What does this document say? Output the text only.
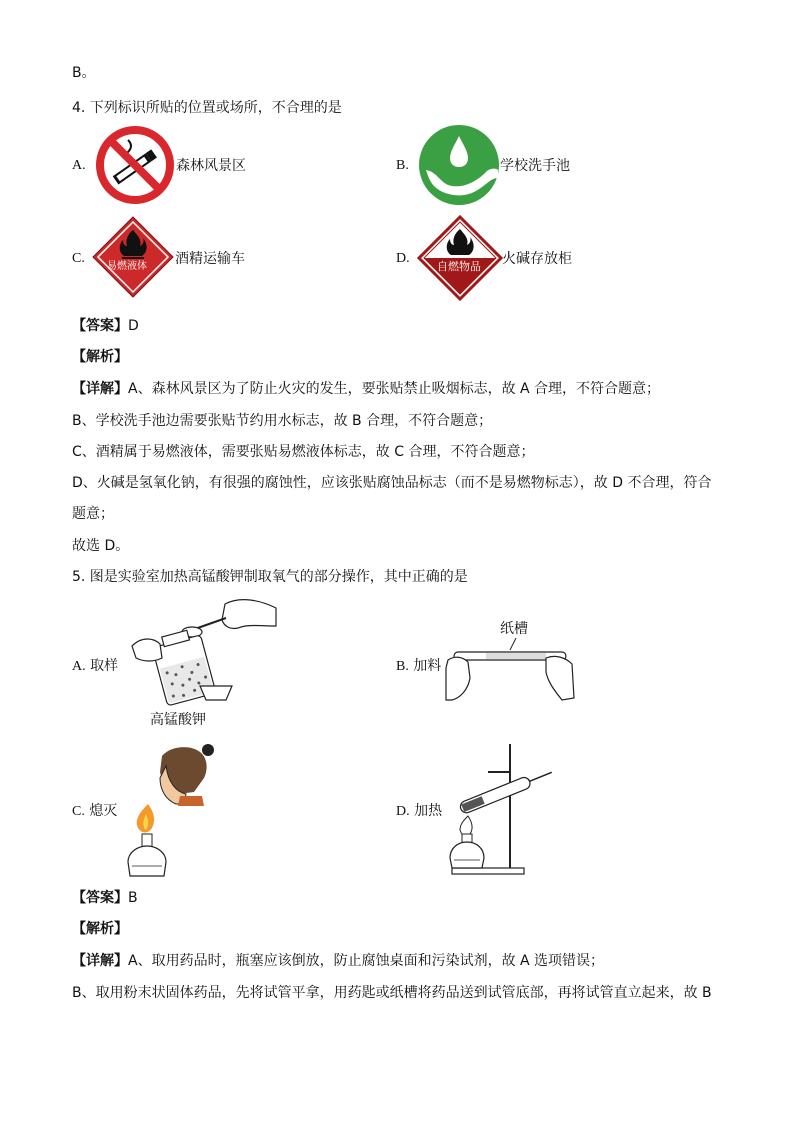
B。
4. 下列标识所贴的位置或场所，不合理的是
A.	森林风景区	B.	学校洗手池
C.
易燃液体 酒精运输车	D.
自燃物品 火碱存放柜
【答案】D
【解析】
【详解】A、森林风景区为了防止火灾的发生，要张贴禁止吸烟标志，故 A 合理，不符合题意；
B、学校洗手池边需要张贴节约用水标志，故 B 合理，不符合题意；
C、酒精属于易燃液体，需要张贴易燃液体标志，故 C 合理，不符合题意；
D、火碱是氢氧化钠，有很强的腐蚀性，应该张贴腐蚀品标志（而不是易燃物标志），故 D 不合理，符合
题意；
故选 D。
5. 图是实验室加热高锰酸钾制取氧气的部分操作，其中正确的是
A. 取样
高锰酸钾
B. 加料
纸槽
C. 熄灭	D. 加热
【答案】B
【解析】
【详解】A、取用药品时，瓶塞应该倒放，防止腐蚀桌面和污染试剂，故 A 选项错误；
B、取用粉末状固体药品，先将试管平拿，用药匙或纸槽将药品送到试管底部，再将试管直立起来，故 B
